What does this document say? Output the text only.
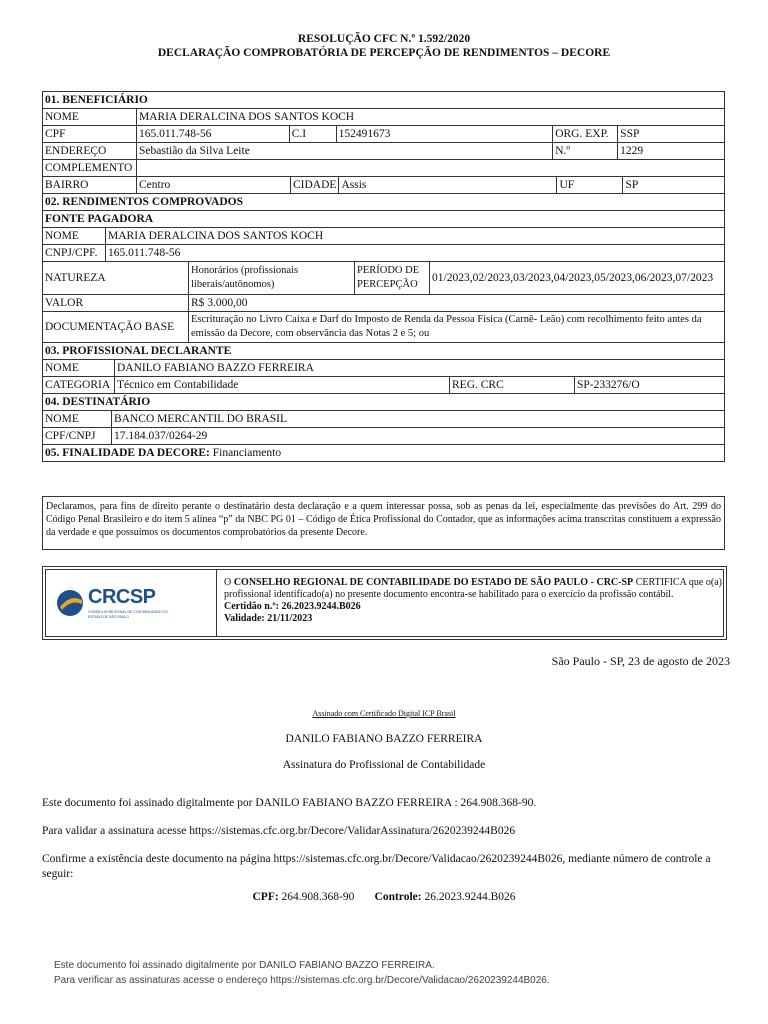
RESOLUÇÃO CFC N.º 1.592/2020
DECLARAÇÃO COMPROBATÓRIA DE PERCEPÇÃO DE RENDIMENTOS – DECORE
01. BENEFICIÁRIO
NOME	MARIA DERALCINA DOS SANTOS KOCH
CPF	165.011.748-56	C.I	152491673	ORG. EXP.	SSP
ENDEREÇO	Sebastião da Silva Leite	N.º	1229
COMPLEMENTO	
BAIRRO		Centro	CIDADE	Assis	UF	SP

02. RENDIMENTOS COMPROVADOS
FONTE PAGADORA

NOME	MARIA DERALCINA DOS SANTOS KOCH

CNPJ/CPF.	165.011.748-56

NATUREZA	Honorários (profissionais liberais/autônomos)	PERÍODO DE PERCEPÇÃO	01/2023,02/2023,03/2023,04/2023,05/2023,06/2023,07/2023

VALOR	R$ 3.000,00

DOCUMENTAÇÃO BASE	Escrituração no Livro Caixa e Darf do Imposto de Renda da Pessoa Física (Carnê- Leão) com recolhimento feito antes da emissão da Decore, com observância das Notas 2 e 5; ou

03. PROFISSIONAL DECLARANTE

NOME	DANILO FABIANO BAZZO FERREIRA

CATEGORIA	Técnico em Contabilidade	REG. CRC	SP-233276/O

04. DESTINATÁRIO

NOME	BANCO MERCANTIL DO BRASIL

CPF/CNPJ	17.184.037/0264-29

05. FINALIDADE DA DECORE: Financiamento
Declaramos, para fins de direito perante o destinatário desta declaração e a quem interessar possa, sob as penas da lei, especialmente das previsões do Art. 299 do Código Penal Brasileiro e do item 5 alínea “p” da NBC PG 01 – Código de Ética Profissional do Contador, que as informações acima transcritas constituem a expressão da verdade e que possuímos os documentos comprobatórios da presente Decore.
CRCSP
CONSELHO REGIONAL DE CONTABILIDADE DO ESTADO DE SÃO PAULO
O CONSELHO REGIONAL DE CONTABILIDADE DO ESTADO DE SÃO PAULO - CRC-SP CERTIFICA que o(a) profissional identificado(a) no presente documento encontra-se habilitado para o exercício da profissão contábil.
Certidão n.º: 26.2023.9244.B026
Validade: 21/11/2023
São Paulo - SP, 23 de agosto de 2023
Assinado com Certificado Digital ICP Brasil
DANILO FABIANO BAZZO FERREIRA
Assinatura do Profissional de Contabilidade
Este documento foi assinado digitalmente por DANILO FABIANO BAZZO FERREIRA : 264.908.368-90.
Para validar a assinatura acesse https://sistemas.cfc.org.br/Decore/ValidarAssinatura/2620239244B026
Confirme a existência deste documento na página https://sistemas.cfc.org.br/Decore/Validacao/2620239244B026, mediante número de controle a seguir:
CPF: 264.908.368-90 Controle: 26.2023.9244.B026
Este documento foi assinado digitalmente por DANILO FABIANO BAZZO FERREIRA.
Para verificar as assinaturas acesse o endereço https://sistemas.cfc.org.br/Decore/Validacao/2620239244B026.
